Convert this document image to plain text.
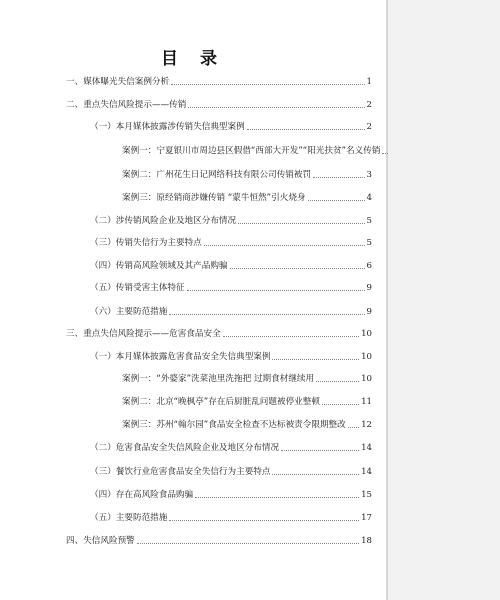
目 录
一、媒体曝光失信案例分析	1
二、重点失信风险提示——传销	2
（一）本月媒体披露涉传销失信典型案例	2
案例一：宁夏银川市周边县区假借“西部大开发”“阳光扶贫”名义传销
案例二：广州花生日记网络科技有限公司传销被罚	3
案例三：原经销商涉嫌传销 “蒙牛恒然”引火烧身	4
（二）涉传销风险企业及地区分布情况	5
（三）传销失信行为主要特点	5
（四）传销高风险领域及其产品购骗	6
（五）传销受害主体特征	9
（六）主要防范措施	9
三、重点失信风险提示——危害食品安全	10
（一）本月媒体披露危害食品安全失信典型案例	10
案例一：“外婆家”洗菜池里洗拖把 过期食材继续用	10
案例二：北京“晚枫亭”存在后厨脏乱问题被停业整顿	11
案例三：苏州“翰尔园”食品安全检查不达标被责令限期整改 12
（二）危害食品安全失信风险企业及地区分布情况	14
（三）餐饮行业危害食品安全失信行为主要特点	14
（四）存在高风险食品购骗	15
（五）主要防范措施	17
四、失信风险预警	18
